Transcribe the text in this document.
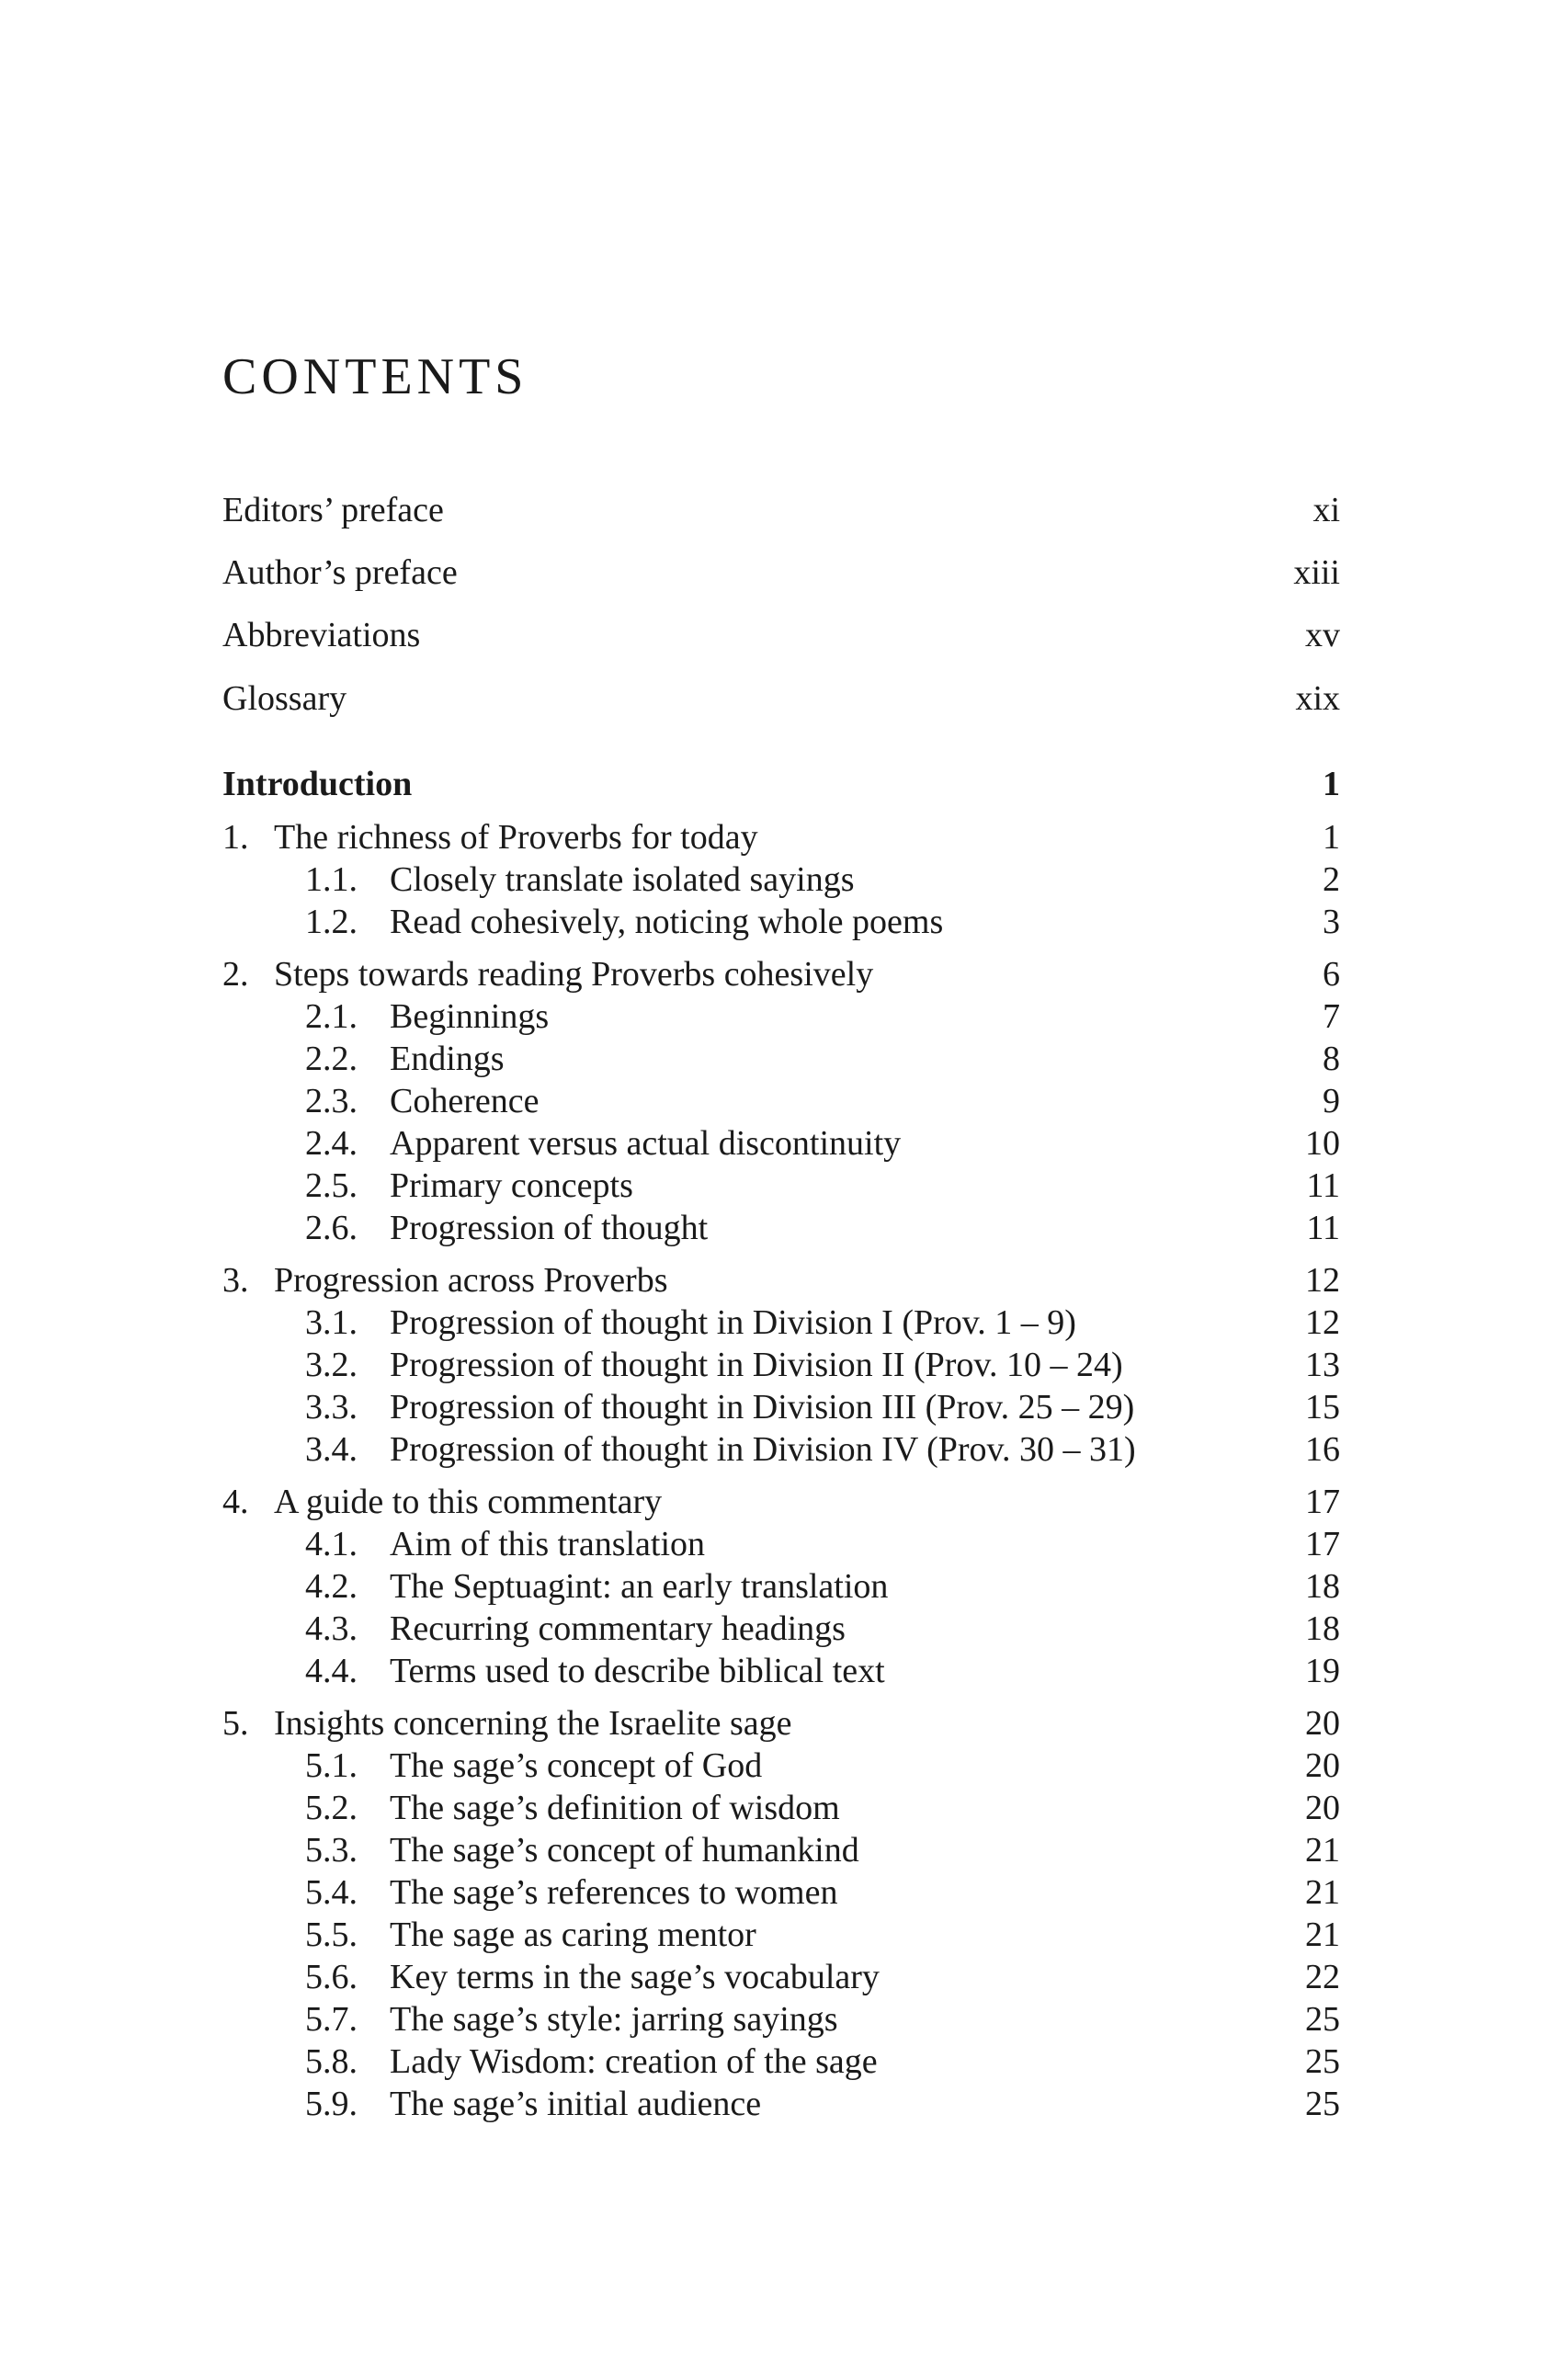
CONTENTS
Editors’ preface	xi
Author’s preface	xiii
Abbreviations	xv
Glossary	xix
Introduction	1
1. The richness of Proverbs for today	1
1.1. Closely translate isolated sayings	2
1.2. Read cohesively, noticing whole poems	3
2. Steps towards reading Proverbs cohesively	6
2.1. Beginnings	7
2.2. Endings	8
2.3. Coherence	9
2.4. Apparent versus actual discontinuity	10
2.5. Primary concepts	11
2.6. Progression of thought	11
3. Progression across Proverbs	12
3.1. Progression of thought in Division I (Prov. 1 – 9)	12
3.2. Progression of thought in Division II (Prov. 10 – 24)	13
3.3. Progression of thought in Division III (Prov. 25 – 29)	15
3.4. Progression of thought in Division IV (Prov. 30 – 31)	16
4. A guide to this commentary	17
4.1. Aim of this translation	17
4.2. The Septuagint: an early translation	18
4.3. Recurring commentary headings	18
4.4. Terms used to describe biblical text	19
5. Insights concerning the Israelite sage	20
5.1. The sage’s concept of God	20
5.2. The sage’s definition of wisdom	20
5.3. The sage’s concept of humankind	21
5.4. The sage’s references to women	21
5.5. The sage as caring mentor	21
5.6. Key terms in the sage’s vocabulary	22
5.7. The sage’s style: jarring sayings	25
5.8. Lady Wisdom: creation of the sage	25
5.9. The sage’s initial audience	25
